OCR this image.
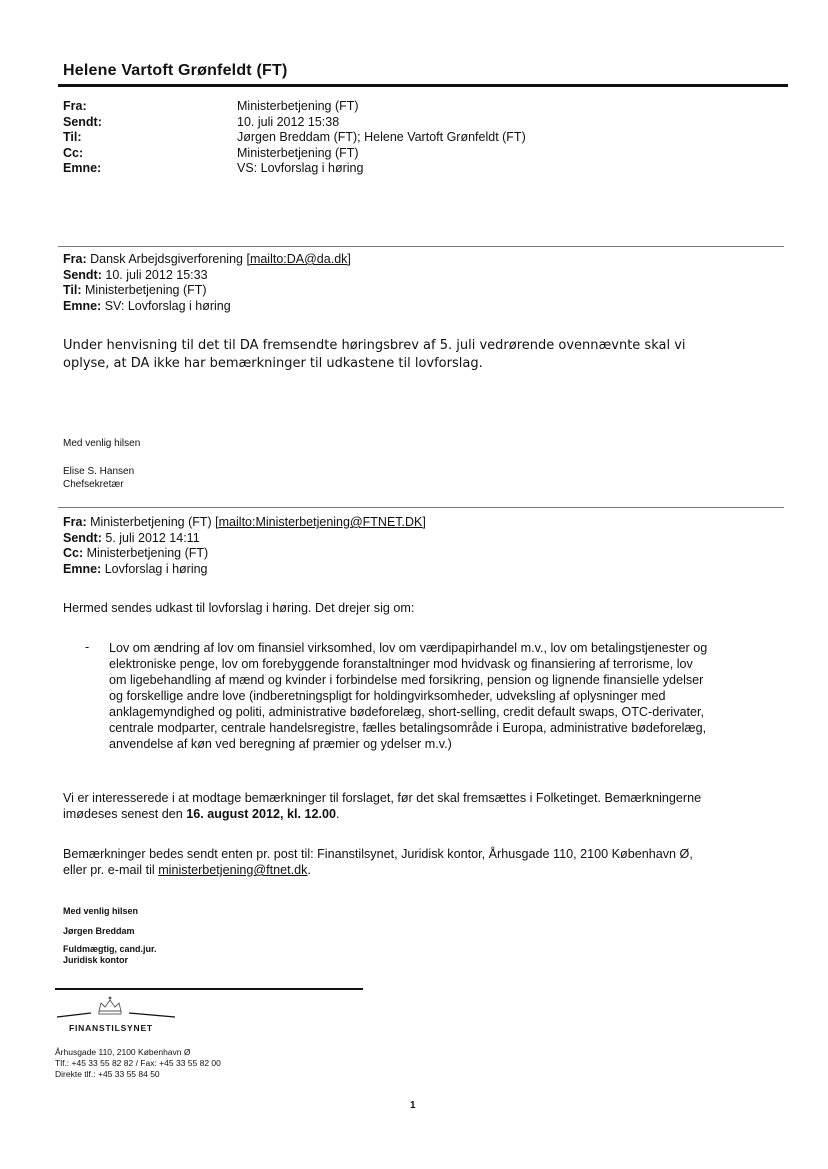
Helene Vartoft Grønfeldt (FT)
Fra:
Sendt:
Til:
Cc:
Emne:
Ministerbetjening (FT)
10. juli 2012 15:38
Jørgen Breddam (FT); Helene Vartoft Grønfeldt (FT)
Ministerbetjening (FT)
VS: Lovforslag i høring
Fra: Dansk Arbejdsgiverforening [mailto:DA@da.dk]
Sendt: 10. juli 2012 15:33
Til: Ministerbetjening (FT)
Emne: SV: Lovforslag i høring
Under henvisning til det til DA fremsendte høringsbrev af 5. juli vedrørende ovennævnte skal vi
oplyse, at DA ikke har bemærkninger til udkastene til lovforslag.
Med venlig hilsen
Elise S. Hansen
Chefsekretær
Fra: Ministerbetjening (FT) [mailto:Ministerbetjening@FTNET.DK]
Sendt: 5. juli 2012 14:11
Cc: Ministerbetjening (FT)
Emne: Lovforslag i høring
Hermed sendes udkast til lovforslag i høring. Det drejer sig om:
- Lov om ændring af lov om finansiel virksomhed, lov om værdipapirhandel m.v., lov om betalingstjenester og
elektroniske penge, lov om forebyggende foranstaltninger mod hvidvask og finansiering af terrorisme, lov
om ligebehandling af mænd og kvinder i forbindelse med forsikring, pension og lignende finansielle ydelser
og forskellige andre love (indberetningspligt for holdingvirksomheder, udveksling af oplysninger med
anklagemyndighed og politi, administrative bødeforelæg, short-selling, credit default swaps, OTC-derivater,
centrale modparter, centrale handelsregistre, fælles betalingsområde i Europa, administrative bødeforelæg,
anvendelse af køn ved beregning af præmier og ydelser m.v.)
Vi er interesserede i at modtage bemærkninger til forslaget, før det skal fremsættes i Folketinget. Bemærkningerne
imødeses senest den 16. august 2012, kl. 12.00.
Bemærkninger bedes sendt enten pr. post til: Finanstilsynet, Juridisk kontor, Århusgade 110, 2100 København Ø,
eller pr. e-mail til ministerbetjening@ftnet.dk.
Med venlig hilsen
Jørgen Breddam
Fuldmægtig, cand.jur.
Juridisk kontor
FINANSTILSYNET
Århusgade 110, 2100 København Ø
Tlf.: +45 33 55 82 82 / Fax: +45 33 55 82 00
Direkte tlf.: +45 33 55 84 50
1
